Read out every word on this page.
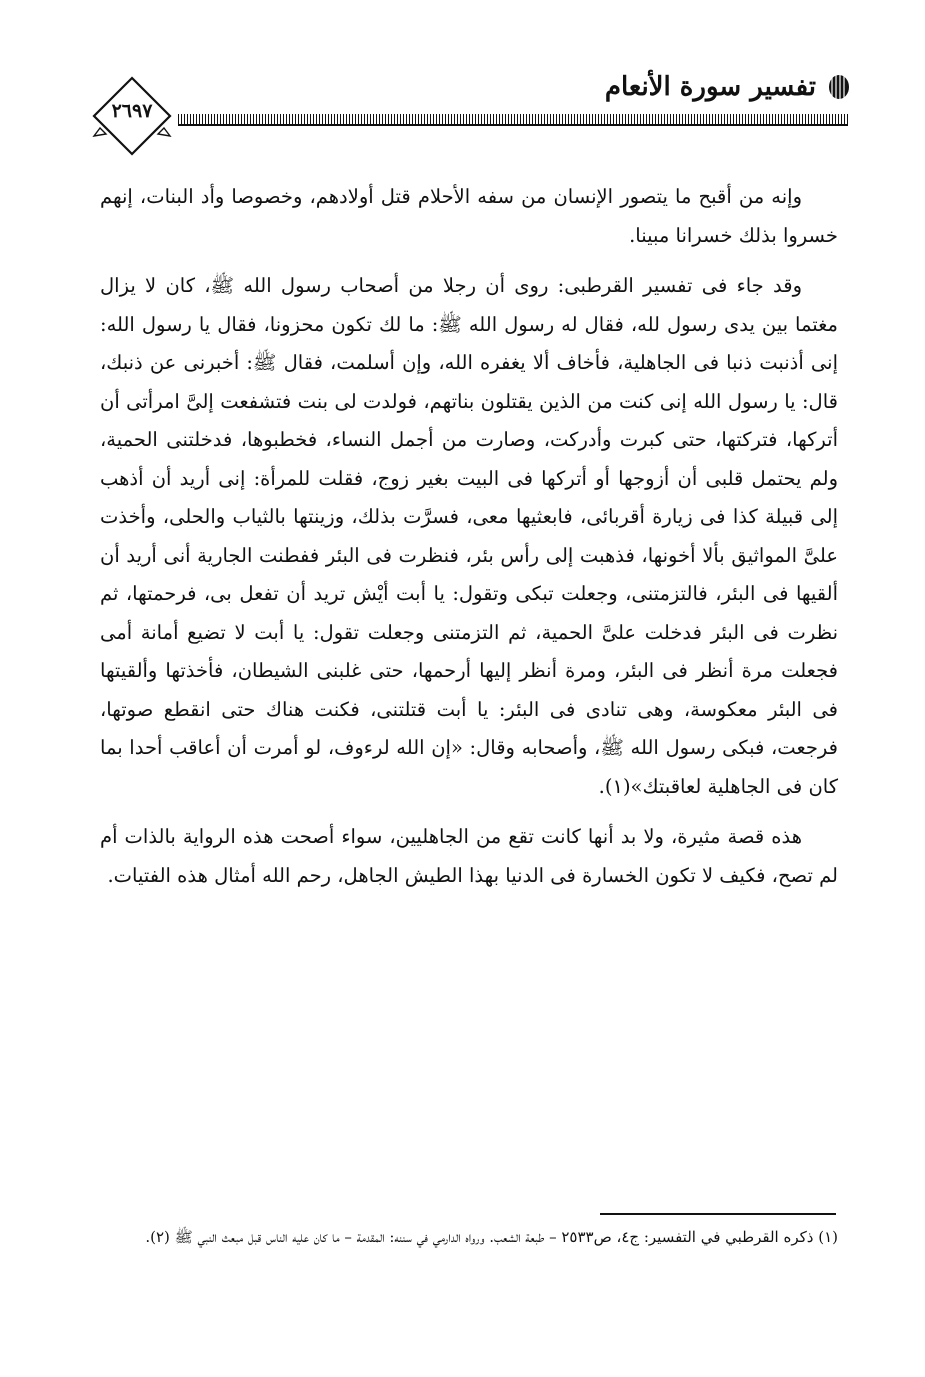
٢٦٩٧
تفسير سورة الأنعام

وإنه من أقبح ما يتصور الإنسان من سفه الأحلام قتل أولادهم، وخصوصا وأد البنات، إنهم خسروا بذلك خسرانا مبينا.

وقد جاء فى تفسير القرطبى: روى أن رجلا من أصحاب رسول الله ﷺ، كان لا يزال مغتما بين يدى رسول لله، فقال له رسول الله ﷺ: ما لك تكون محزونا، فقال يا رسول الله: إنى أذنبت ذنبا فى الجاهلية، فأخاف ألا يغفره الله، وإن أسلمت، فقال ﷺ: أخبرنى عن ذنبك، قال: يا رسول الله إنى كنت من الذين يقتلون بناتهم، فولدت لى بنت فتشفعت إلىَّ امرأتى أن أتركها، فتركتها، حتى كبرت وأدركت، وصارت من أجمل النساء، فخطبوها، فدخلتنى الحمية، ولم يحتمل قلبى أن أزوجها أو أتركها فى البيت بغير زوج، فقلت للمرأة: إنى أريد أن أذهب إلى قبيلة كذا فى زيارة أقربائى، فابعثيها معى، فسرَّت بذلك، وزينتها بالثياب والحلى، وأخذت علىَّ المواثيق بألا أخونها، فذهبت إلى رأس بئر، فنظرت فى البئر ففطنت الجارية أنى أريد أن ألقيها فى البئر، فالتزمتنى، وجعلت تبكى وتقول: يا أبت أيْش تريد أن تفعل بى، فرحمتها، ثم نظرت فى البئر فدخلت علىَّ الحمية، ثم التزمتنى وجعلت تقول: يا أبت لا تضيع أمانة أمى فجعلت مرة أنظر فى البئر، ومرة أنظر إليها أرحمها، حتى غلبنى الشيطان، فأخذتها وألقيتها فى البئر معكوسة، وهى تنادى فى البئر: يا أبت قتلتنى، فكنت هناك حتى انقطع صوتها، فرجعت، فبكى رسول الله ﷺ، وأصحابه وقال: «إن الله لرءوف، لو أمرت أن أعاقب أحدا بما كان فى الجاهلية لعاقبتك»(١).

هذه قصة مثيرة، ولا بد أنها كانت تقع من الجاهليين، سواء أصحت هذه الرواية بالذات أم لم تصح، فكيف لا تكون الخسارة فى الدنيا بهذا الطيش الجاهل، رحم الله أمثال هذه الفتيات.

(١) ذكره القرطبي في التفسير: ج٤، ص٢٥٣٣ – طبعة الشعب. ورواه الدارمي في سننه: المقدمة – ما كان عليه الناس قبل مبعث النبي ﷺ (٢).
